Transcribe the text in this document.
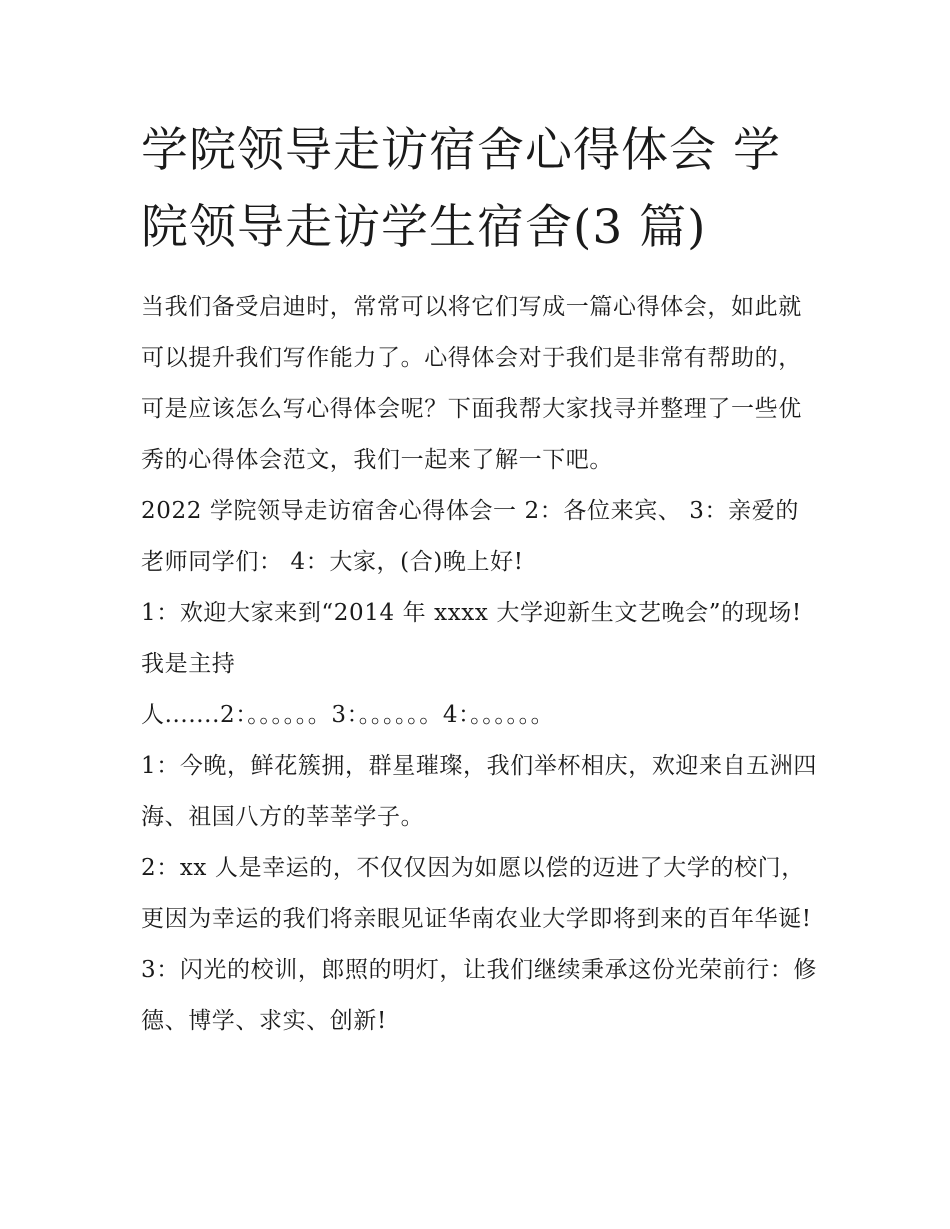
学院领导走访宿舍心得体会 学
院领导走访学生宿舍(3 篇)

当我们备受启迪时，常常可以将它们写成一篇心得体会，如此就可以提升我们写作能力了。心得体会对于我们是非常有帮助的，可是应该怎么写心得体会呢？下面我帮大家找寻并整理了一些优秀的心得体会范文，我们一起来了解一下吧。

2022 学院领导走访宿舍心得体会一 2：各位来宾、 3：亲爱的老师同学们： 4：大家，(合)晚上好!

1：欢迎大家来到“2014 年 xxxx 大学迎新生文艺晚会”的现场!我是主持

人.......2：。。。。。。3：。。。。。。4：。。。。。。

1：今晚，鲜花簇拥，群星璀璨，我们举杯相庆，欢迎来自五洲四海、祖国八方的莘莘学子。

2：xx 人是幸运的，不仅仅因为如愿以偿的迈进了大学的校门，更因为幸运的我们将亲眼见证华南农业大学即将到来的百年华诞!

3：闪光的校训，郎照的明灯，让我们继续秉承这份光荣前行：修德、博学、求实、创新!
